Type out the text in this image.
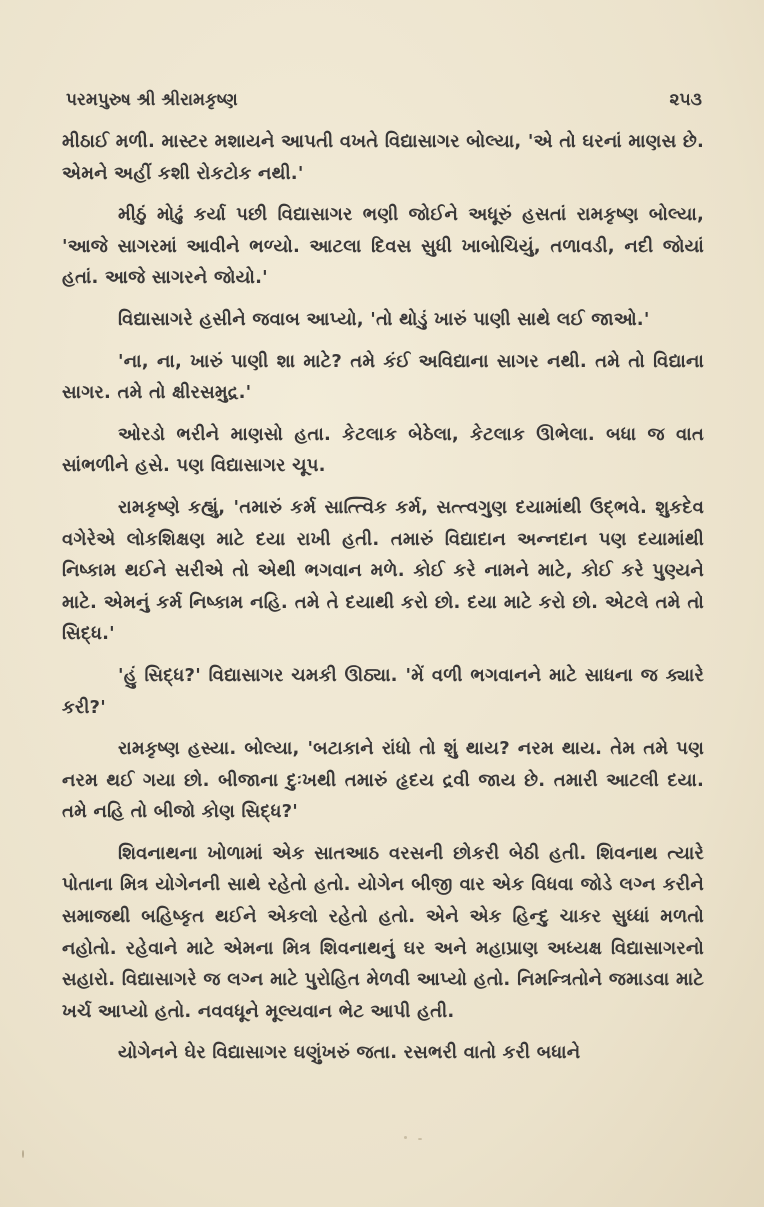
પરમપુરુષ શ્રી શ્રીરામકૃષ્ણ	૨૫૩

મીઠાઈ મળી. માસ્ટર મશાયને આપતી વખતે વિદ્યાસાગર બોલ્યા, 'એ તો ઘરનાં માણસ છે. એમને અહીં કશી રોકટોક નથી.'

મીઠું મોઢું કર્યા પછી વિદ્યાસાગર ભણી જોઈને અધૂરું હસતાં રામકૃષ્ણ બોલ્યા, 'આજે સાગરમાં આવીને ભળ્યો. આટલા દિવસ સુધી ખાબોચિયું, તળાવડી, નદી જોયાં હતાં. આજે સાગરને જોયો.'

વિદ્યાસાગરે હસીને જવાબ આપ્યો, 'તો થોડું ખારું પાણી સાથે લઈ જાઓ.'

'ના, ના, ખારું પાણી શા માટે? તમે કંઈ અવિદ્યાના સાગર નથી. તમે તો વિદ્યાના સાગર. તમે તો ક્ષીરસમુદ્ર.'

ઓરડો ભરીને માણસો હતા. કેટલાક બેઠેલા, કેટલાક ઊભેલા. બધા જ વાત સાંભળીને હસે. પણ વિદ્યાસાગર ચૂપ.

રામકૃષ્ણે કહ્યું, 'તમારું કર્મ સાત્ત્વિક કર્મ, સત્ત્વગુણ દયામાંથી ઉદ્ભવે. શુકદેવ વગેરેએ લોકશિક્ષણ માટે દયા રાખી હતી. તમારું વિદ્યાદાન અન્નદાન પણ દયામાંથી નિષ્કામ થઈને સરીએ તો એથી ભગવાન મળે. કોઈ કરે નામને માટે, કોઈ કરે પુણ્યને માટે. એમનું કર્મ નિષ્કામ નહિ. તમે તે દયાથી કરો છો. દયા માટે કરો છો. એટલે તમે તો સિદ્ધ.'

'હું સિદ્ધ?' વિદ્યાસાગર ચમકી ઊઠ્યા. 'મેં વળી ભગવાનને માટે સાધના જ ક્યારે કરી?'

રામકૃષ્ણ હસ્યા. બોલ્યા, 'બટાકાને રાંધો તો શું થાય? નરમ થાય. તેમ તમે પણ નરમ થઈ ગયા છો. બીજાના દુઃખથી તમારું હૃદય દ્રવી જાય છે. તમારી આટલી દયા. તમે નહિ તો બીજો કોણ સિદ્ધ?'

શિવનાથના ખોળામાં એક સાતઆઠ વરસની છોકરી બેઠી હતી. શિવનાથ ત્યારે પોતાના મિત્ર યોગેનની સાથે રહેતો હતો. યોગેન બીજી વાર એક વિધવા જોડે લગ્ન કરીને સમાજથી બહિષ્કૃત થઈને એકલો રહેતો હતો. એને એક હિન્દુ ચાકર સુધ્ધાં મળતો નહોતો. રહેવાને માટે એમના મિત્ર શિવનાથનું ઘર અને મહાપ્રાણ અધ્યક્ષ વિદ્યાસાગરનો સહારો. વિદ્યાસાગરે જ લગ્ન માટે પુરોહિત મેળવી આપ્યો હતો. નિમન્ત્રિતોને જમાડવા માટે ખર્ચ આપ્યો હતો. નવવધૂને મૂલ્યવાન ભેટ આપી હતી.

યોગેનને ઘેર વિદ્યાસાગર ઘણુંખરું જતા. રસભરી વાતો કરી બધાને
